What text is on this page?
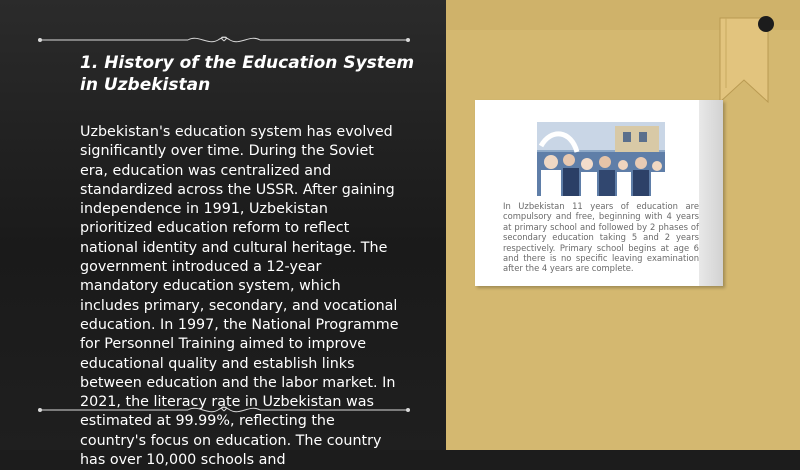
1. History of the Education System in Uzbekistan
Uzbekistan's education system has evolved significantly over time. During the Soviet era, education was centralized and standardized across the USSR. After gaining independence in 1991, Uzbekistan prioritized education reform to reflect national identity and cultural heritage. The government introduced a 12-year mandatory education system, which includes primary, secondary, and vocational education. In 1997, the National Programme for Personnel Training aimed to improve educational quality and establish links between education and the labor market. In 2021, the literacy rate in Uzbekistan was estimated at 99.99%, reflecting the country's focus on education. The country has over 10,000 schools and
In Uzbekistan 11 years of education are compulsory and free, beginning with 4 years at primary school and followed by 2 phases of secondary education taking 5 and 2 years respectively. Primary school begins at age 6 and there is no specific leaving examination after the 4 years are complete.
